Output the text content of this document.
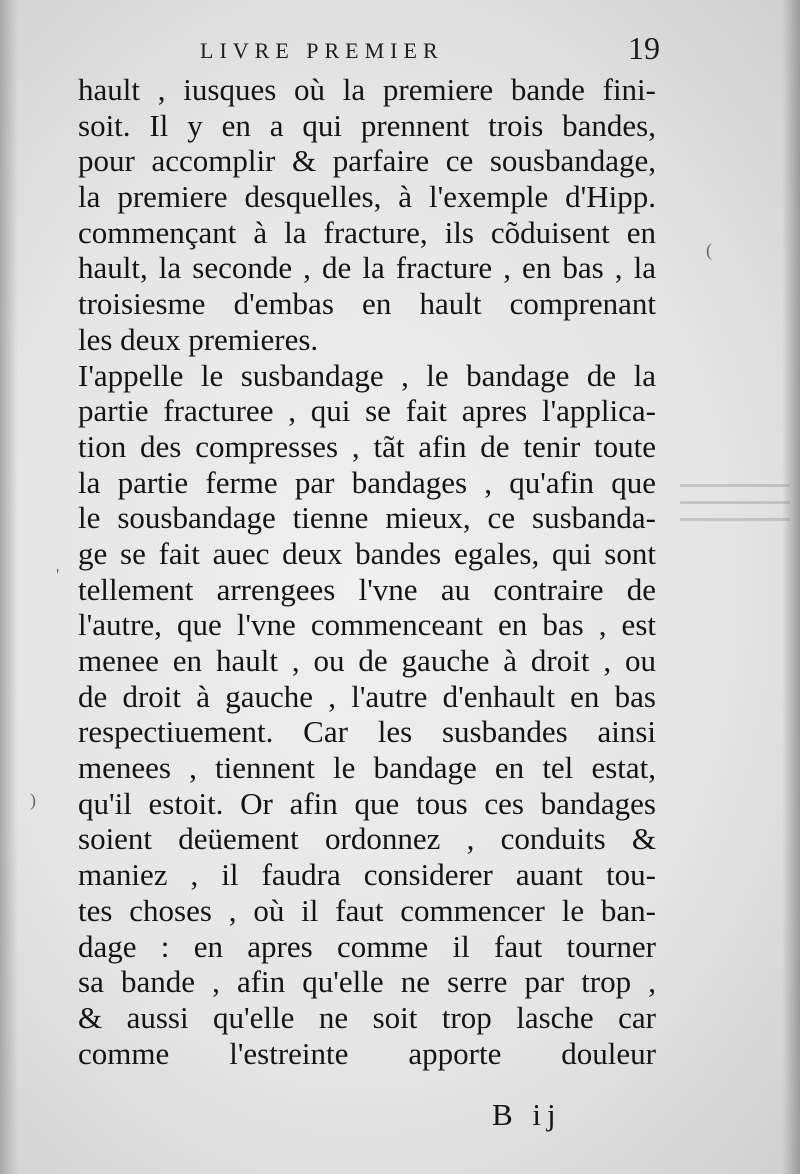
LIVRE PREMIER	19
hault , iusques où la premiere bande fini-
soit. Il y en a qui prennent trois bandes,
pour accomplir & parfaire ce sousbandage,
la premiere desquelles, à l'exemple d'Hipp.
commençant à la fracture, ils cõduisent en
hault, la seconde , de la fracture , en bas , la
troisiesme d'embas en hault comprenant
les deux premieres.
I'appelle le susbandage , le bandage de la
partie fracturee , qui se fait apres l'applica-
tion des compresses , tãt afin de tenir toute
la partie ferme par bandages , qu'afin que
le sousbandage tienne mieux, ce susbanda-
ge se fait auec deux bandes egales, qui sont
tellement arrengees l'vne au contraire de
l'autre, que l'vne commenceant en bas , est
menee en hault , ou de gauche à droit , ou
de droit à gauche , l'autre d'enhault en bas
respectiuement. Car les susbandes ainsi
menees , tiennent le bandage en tel estat,
qu'il estoit. Or afin que tous ces bandages
soient deüement ordonnez , conduits &
maniez , il faudra considerer auant tou-
tes choses , où il faut commencer le ban-
dage : en apres comme il faut tourner
sa bande , afin qu'elle ne serre par trop ,
& aussi qu'elle ne soit trop lasche car
comme l'estreinte apporte douleur
B ij
'
)
(
